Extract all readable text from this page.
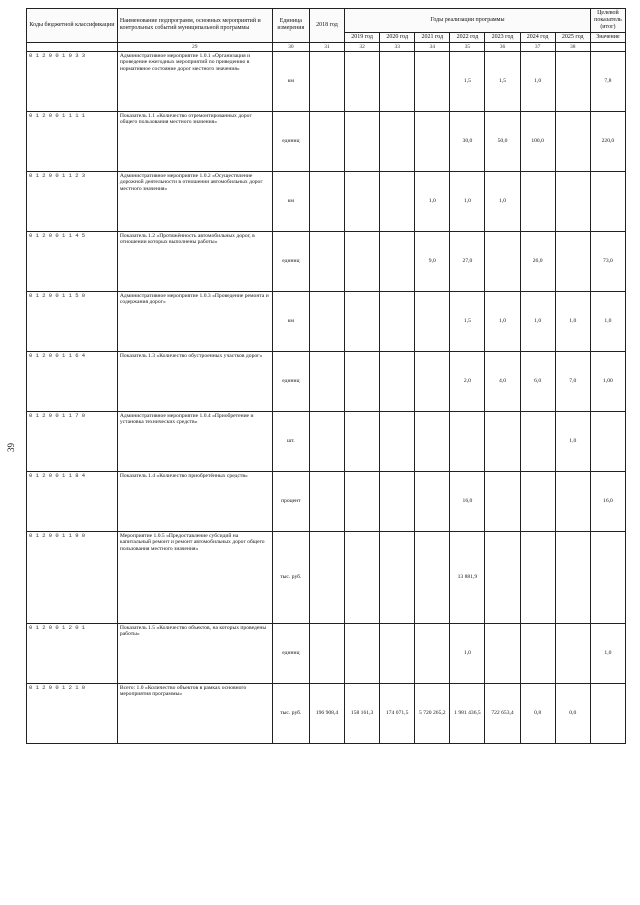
39
Коды бюджетной классификации	Наименование подпрограмм, основных мероприятий и контрольных событий муниципальной программы	Единица измерения	2018 год	Годы реализации программы							Целевой показатель (итог)
				2019 год	2020 год	2021 год	2022 год	2023 год	2024 год	2025 год	Значение
	29	30	31	32	33	34	35	36	37	38	
0 1 2 0 0 1 0 3 3	Административное мероприятие 1.0.1 «Организация и проведение ежегодных мероприятий по приведению в нормативное состояние дорог местного значения»	км					1,5	1,5	1,0		7,8
0 1 2 0 0 1 1 1 1	Показатель 1.1 «Количество отремонтированных дорог общего пользования местного значения»	единиц					30,0	50,0	100,0		220,0
0 1 2 0 0 1 1 2 3	Административное мероприятие 1.0.2 «Осуществление дорожной деятельности в отношении автомобильных дорог местного значения»	км				1,0	1,0	1,0			
0 1 2 0 0 1 1 4 5	Показатель 1.2 «Протяжённость автомобильных дорог, в отношении которых выполнены работы»	единиц				9,0	27,0		26,0		73,0
0 1 2 0 0 1 1 5 0	Административное мероприятие 1.0.3 «Проведение ремонта и содержания дорог»	км					1,5	1,0	1,0	1,0	1,0
0 1 2 0 0 1 1 6 4	Показатель 1.3 «Количество обустроенных участков дорог»	единиц					2,0	4,0	6,0	7,0	1,00
0 1 2 0 0 1 1 7 0	Административное мероприятие 1.0.4 «Приобретение и установка технических средств»	шт.								1,0	
0 1 2 0 0 1 1 8 4	Показатель 1.4 «Количество приобретённых средств»	процент					16,0				16,0
0 1 2 0 0 1 1 9 0	Мероприятие 1.0.5 «Предоставление субсидий на капитальный ремонт и ремонт автомобильных дорог общего пользования местного значения»	тыс. руб.					13 881,9				
0 1 2 0 0 1 2 0 1	Показатель 1.5 «Количество объектов, на которых проведены работы»	единиц					1,0				1,0
0 1 2 0 0 1 2 1 0	Всего: 1.0 «Количество объектов в рамках основного мероприятия программы»	тыс. руб.	196 908,4	158 161,3	174 071,5	5 720 265,2	1 981 436,5	722 653,4	0,8	0,0	
